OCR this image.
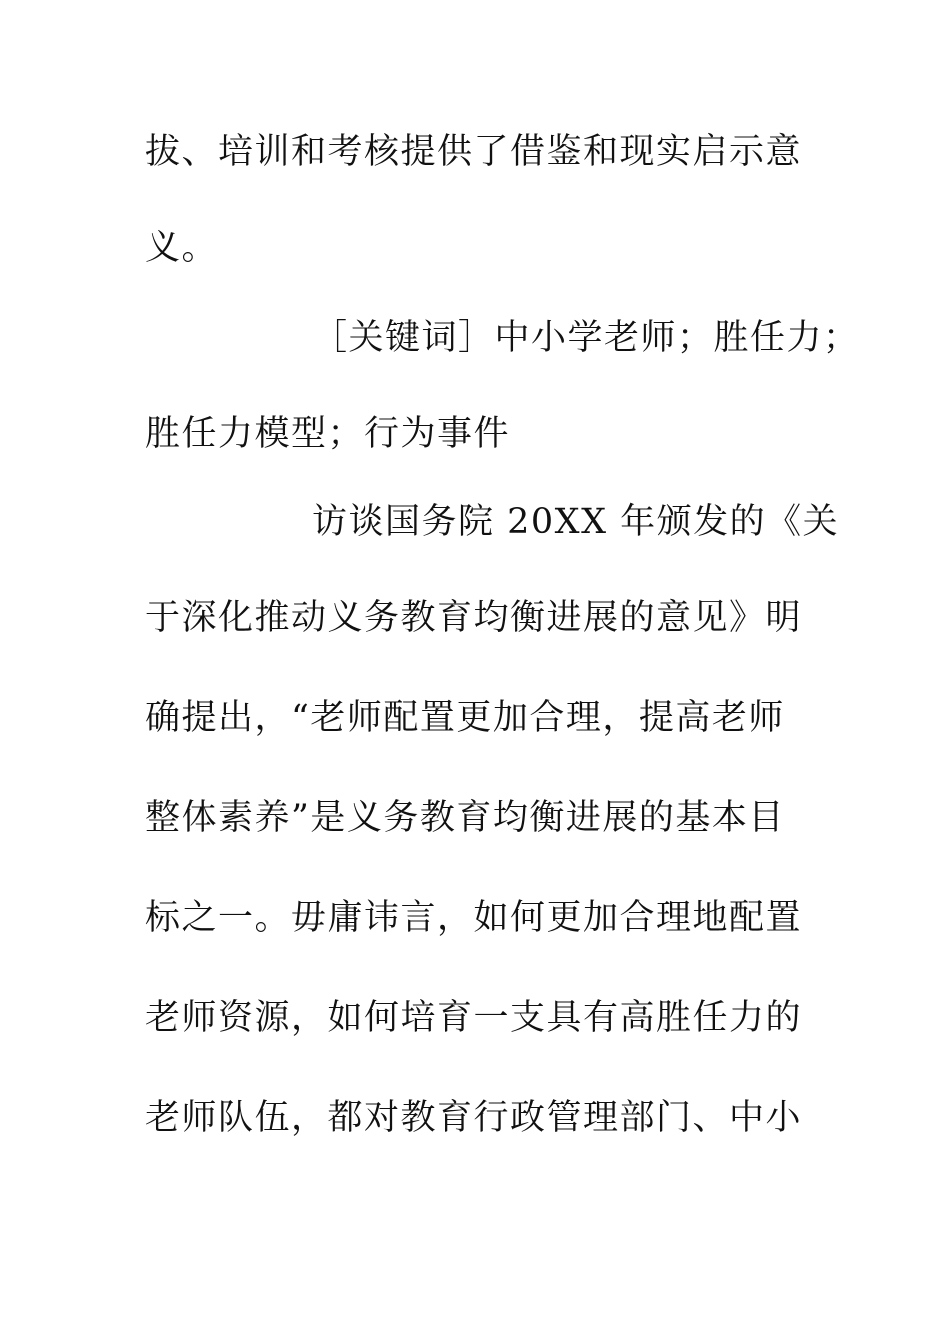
拔、培训和考核提供了借鉴和现实启示意
义。
［关键词］中小学老师；胜任力；
胜任力模型；行为事件
访谈国务院 20XX 年颁发的《关
于深化推动义务教育均衡进展的意见》明
确提出，“老师配置更加合理，提高老师
整体素养”是义务教育均衡进展的基本目
标之一。毋庸讳言，如何更加合理地配置
老师资源，如何培育一支具有高胜任力的
老师队伍，都对教育行政管理部门、中小
